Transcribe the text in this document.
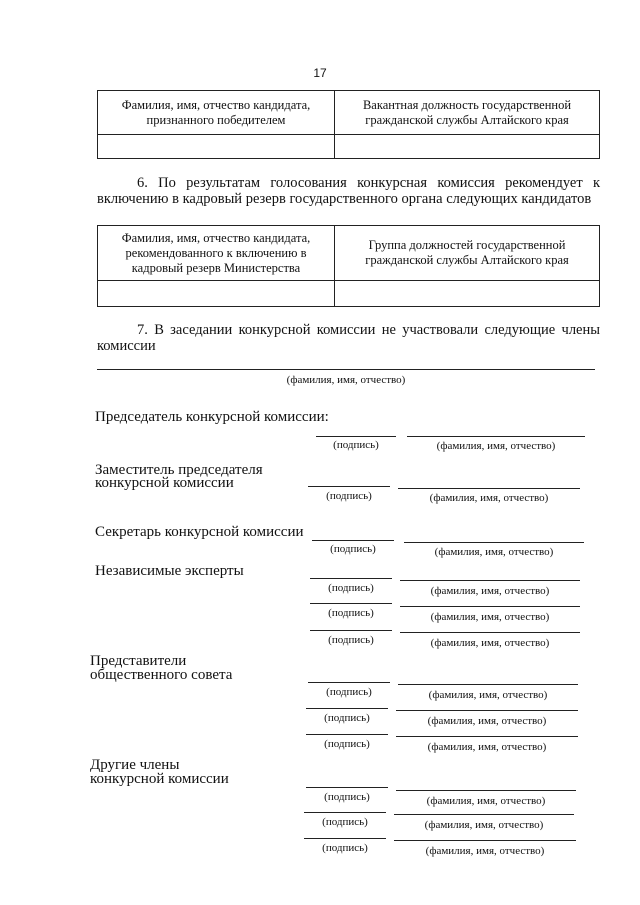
17
Фамилия, имя, отчество кандидата, признанного победителем	Вакантная должность государственной гражданской службы Алтайского края

6. По результатам голосования конкурсная комиссия рекомендует к включению в кадровый резерв государственного органа следующих кандидатов
Фамилия, имя, отчество кандидата, рекомендованного к включению в кадровый резерв Министерства	Группа должностей государственной гражданской службы Алтайского края

7. В заседании конкурсной комиссии не участвовали следующие члены комиссии
(фамилия, имя, отчество)
Председатель конкурсной комиссии:
(подпись)	(фамилия, имя, отчество)
Заместитель председателя
конкурсной комиссии
(подпись)	(фамилия, имя, отчество)
Секретарь конкурсной комиссии
(подпись)	(фамилия, имя, отчество)
Независимые эксперты
(подпись)	(фамилия, имя, отчество)
(подпись)	(фамилия, имя, отчество)
(подпись)	(фамилия, имя, отчество)
Представители
общественного совета
(подпись)	(фамилия, имя, отчество)
(подпись)	(фамилия, имя, отчество)
(подпись)	(фамилия, имя, отчество)
Другие члены
конкурсной комиссии
(подпись)	(фамилия, имя, отчество)
(подпись)	(фамилия, имя, отчество)
(подпись)	(фамилия, имя, отчество)
